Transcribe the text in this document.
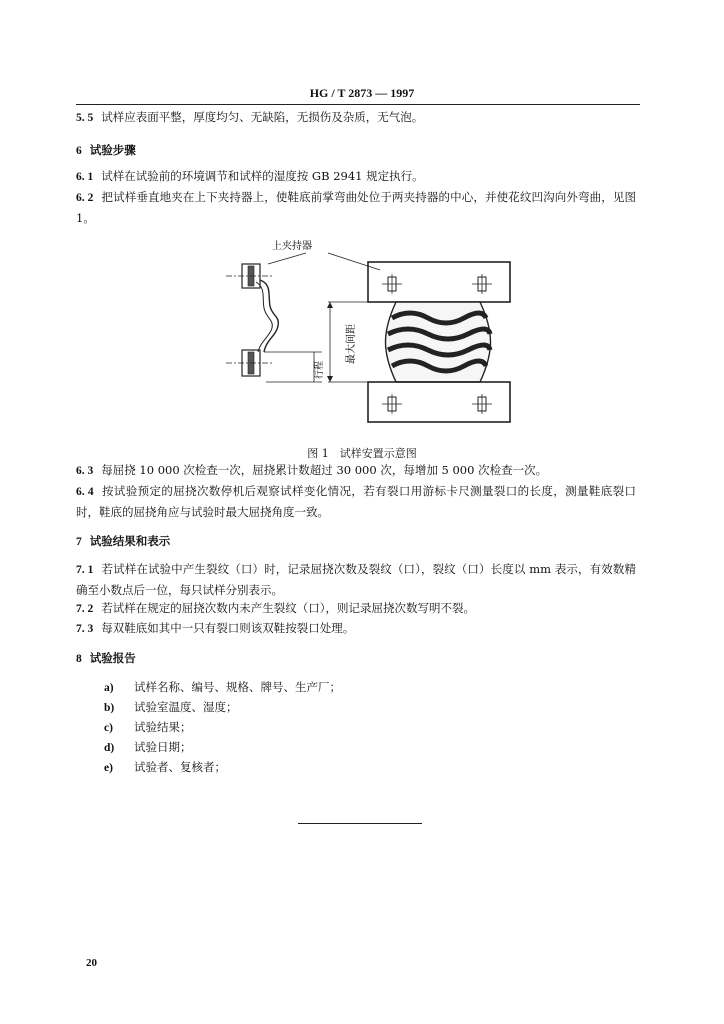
HG / T 2873 — 1997

5. 5 试样应表面平整，厚度均匀、无缺陷，无损伤及杂质，无气泡。

6 试验步骤

6. 1 试样在试验前的环境调节和试样的湿度按 GB 2941 规定执行。

6. 2 把试样垂直地夹在上下夹持器上，使鞋底前掌弯曲处位于两夹持器的中心，并使花纹凹沟向外弯曲，见图 1。

上夹持器
行程
最大间距
图 1　试样安置示意图

6. 3 每屈挠 10 000 次检查一次，屈挠累计数超过 30 000 次，每增加 5 000 次检查一次。

6. 4 按试验预定的屈挠次数停机后观察试样变化情况，若有裂口用游标卡尺测量裂口的长度，测量鞋底裂口时，鞋底的屈挠角应与试验时最大屈挠角度一致。

7 试验结果和表示

7. 1 若试样在试验中产生裂纹（口）时，记录屈挠次数及裂纹（口），裂纹（口）长度以 mm 表示，有效数精确至小数点后一位，每只试样分别表示。

7. 2 若试样在规定的屈挠次数内未产生裂纹（口），则记录屈挠次数写明不裂。

7. 3 每双鞋底如其中一只有裂口则该双鞋按裂口处理。

8 试验报告

a) 试样名称、编号、规格、牌号、生产厂；
b) 试验室温度、湿度；
c) 试验结果；
d) 试验日期；
e) 试验者、复核者；
20
